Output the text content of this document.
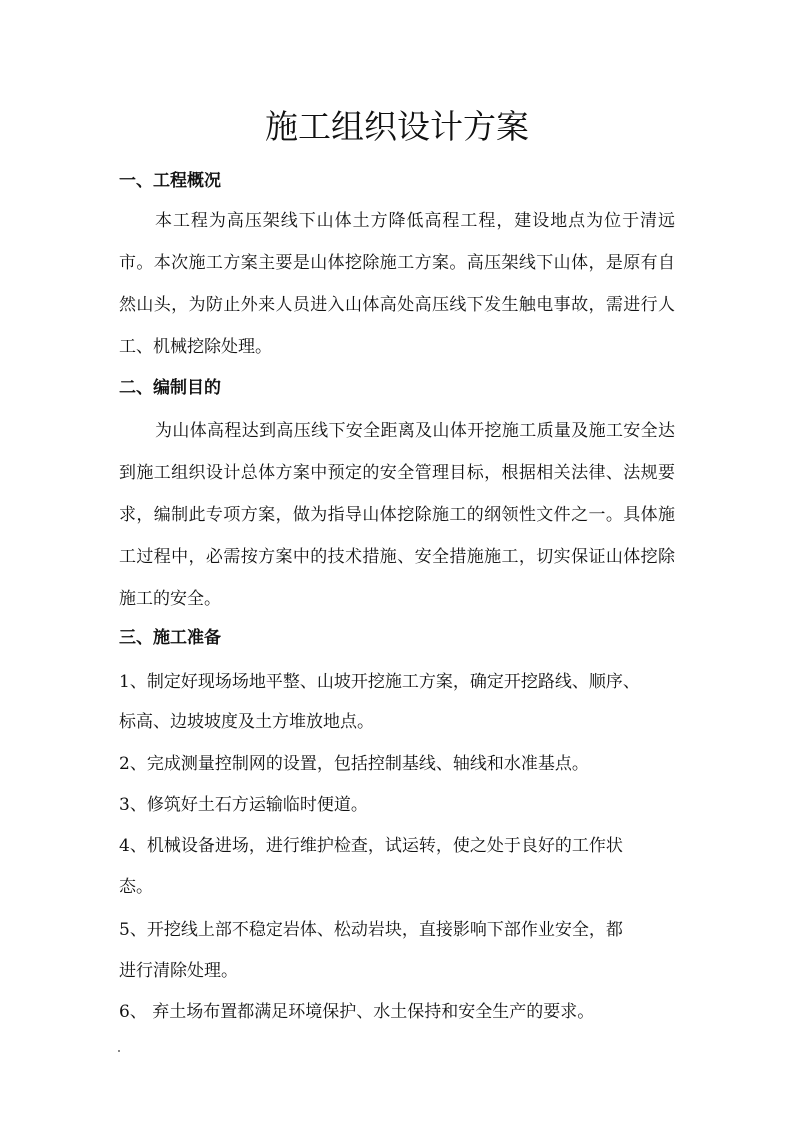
施工组织设计方案
一、工程概况
本工程为高压架线下山体土方降低高程工程，建设地点为位于清远市。本次施工方案主要是山体挖除施工方案。高压架线下山体，是原有自然山头，为防止外来人员进入山体高处高压线下发生触电事故，需进行人工、机械挖除处理。
二、编制目的
为山体高程达到高压线下安全距离及山体开挖施工质量及施工安全达到施工组织设计总体方案中预定的安全管理目标，根据相关法律、法规要求，编制此专项方案，做为指导山体挖除施工的纲领性文件之一。具体施工过程中，必需按方案中的技术措施、安全措施施工，切实保证山体挖除施工的安全。
三、施工准备
1、制定好现场场地平整、山坡开挖施工方案，确定开挖路线、顺序、
标高、边坡坡度及土方堆放地点。
2、完成测量控制网的设置，包括控制基线、轴线和水准基点。
3、修筑好土石方运输临时便道。
4、机械设备进场，进行维护检查，试运转，使之处于良好的工作状
态。
5、开挖线上部不稳定岩体、松动岩块，直接影响下部作业安全，都
进行清除处理。
6、 弃土场布置都满足环境保护、水土保持和安全生产的要求。
